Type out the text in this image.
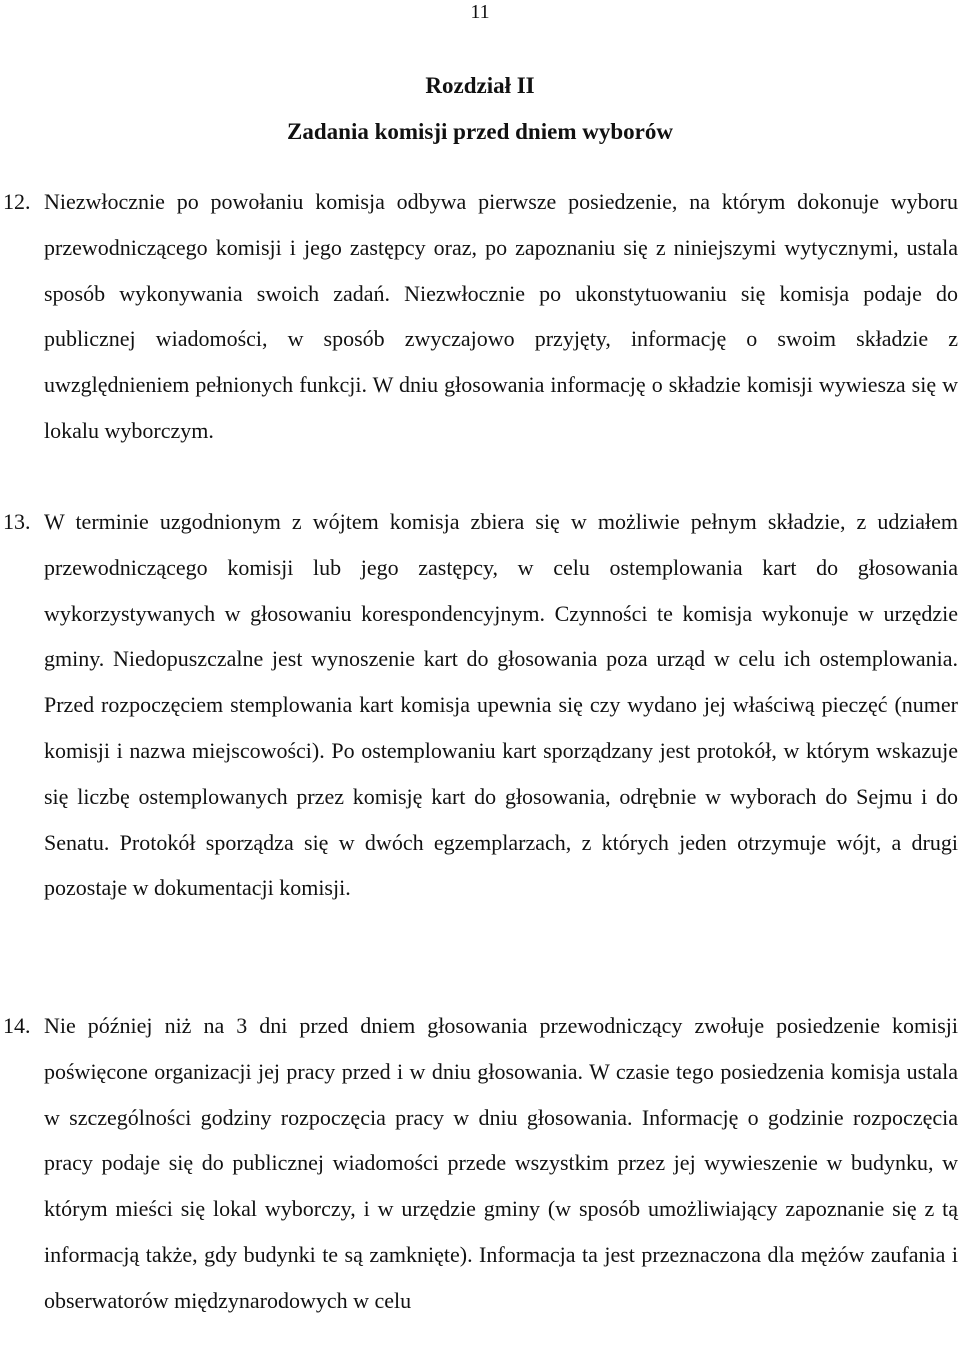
11
Rozdział II
Zadania komisji przed dniem wyborów
12. Niezwłocznie po powołaniu komisja odbywa pierwsze posiedzenie, na którym dokonuje wyboru przewodniczącego komisji i jego zastępcy oraz, po zapoznaniu się z niniejszymi wytycznymi, ustala sposób wykonywania swoich zadań. Niezwłocznie po ukonstytuowaniu się komisja podaje do publicznej wiadomości, w sposób zwyczajowo przyjęty, informację o swoim składzie z uwzględnieniem pełnionych funkcji. W dniu głosowania informację o składzie komisji wywiesza się w lokalu wyborczym.
13. W terminie uzgodnionym z wójtem komisja zbiera się w możliwie pełnym składzie, z udziałem przewodniczącego komisji lub jego zastępcy, w celu ostemplowania kart do głosowania wykorzystywanych w głosowaniu korespondencyjnym. Czynności te komisja wykonuje w urzędzie gminy. Niedopuszczalne jest wynoszenie kart do głosowania poza urząd w celu ich ostemplowania. Przed rozpoczęciem stemplowania kart komisja upewnia się czy wydano jej właściwą pieczęć (numer komisji i nazwa miejscowości). Po ostemplowaniu kart sporządzany jest protokół, w którym wskazuje się liczbę ostemplowanych przez komisję kart do głosowania, odrębnie w wyborach do Sejmu i do Senatu. Protokół sporządza się w dwóch egzemplarzach, z których jeden otrzymuje wójt, a drugi pozostaje w dokumentacji komisji.
14. Nie później niż na 3 dni przed dniem głosowania przewodniczący zwołuje posiedzenie komisji poświęcone organizacji jej pracy przed i w dniu głosowania. W czasie tego posiedzenia komisja ustala w szczególności godziny rozpoczęcia pracy w dniu głosowania. Informację o godzinie rozpoczęcia pracy podaje się do publicznej wiadomości przede wszystkim przez jej wywieszenie w budynku, w którym mieści się lokal wyborczy, i w urzędzie gminy (w sposób umożliwiający zapoznanie się z tą informacją także, gdy budynki te są zamknięte). Informacja ta jest przeznaczona dla mężów zaufania i obserwatorów międzynarodowych w celu
